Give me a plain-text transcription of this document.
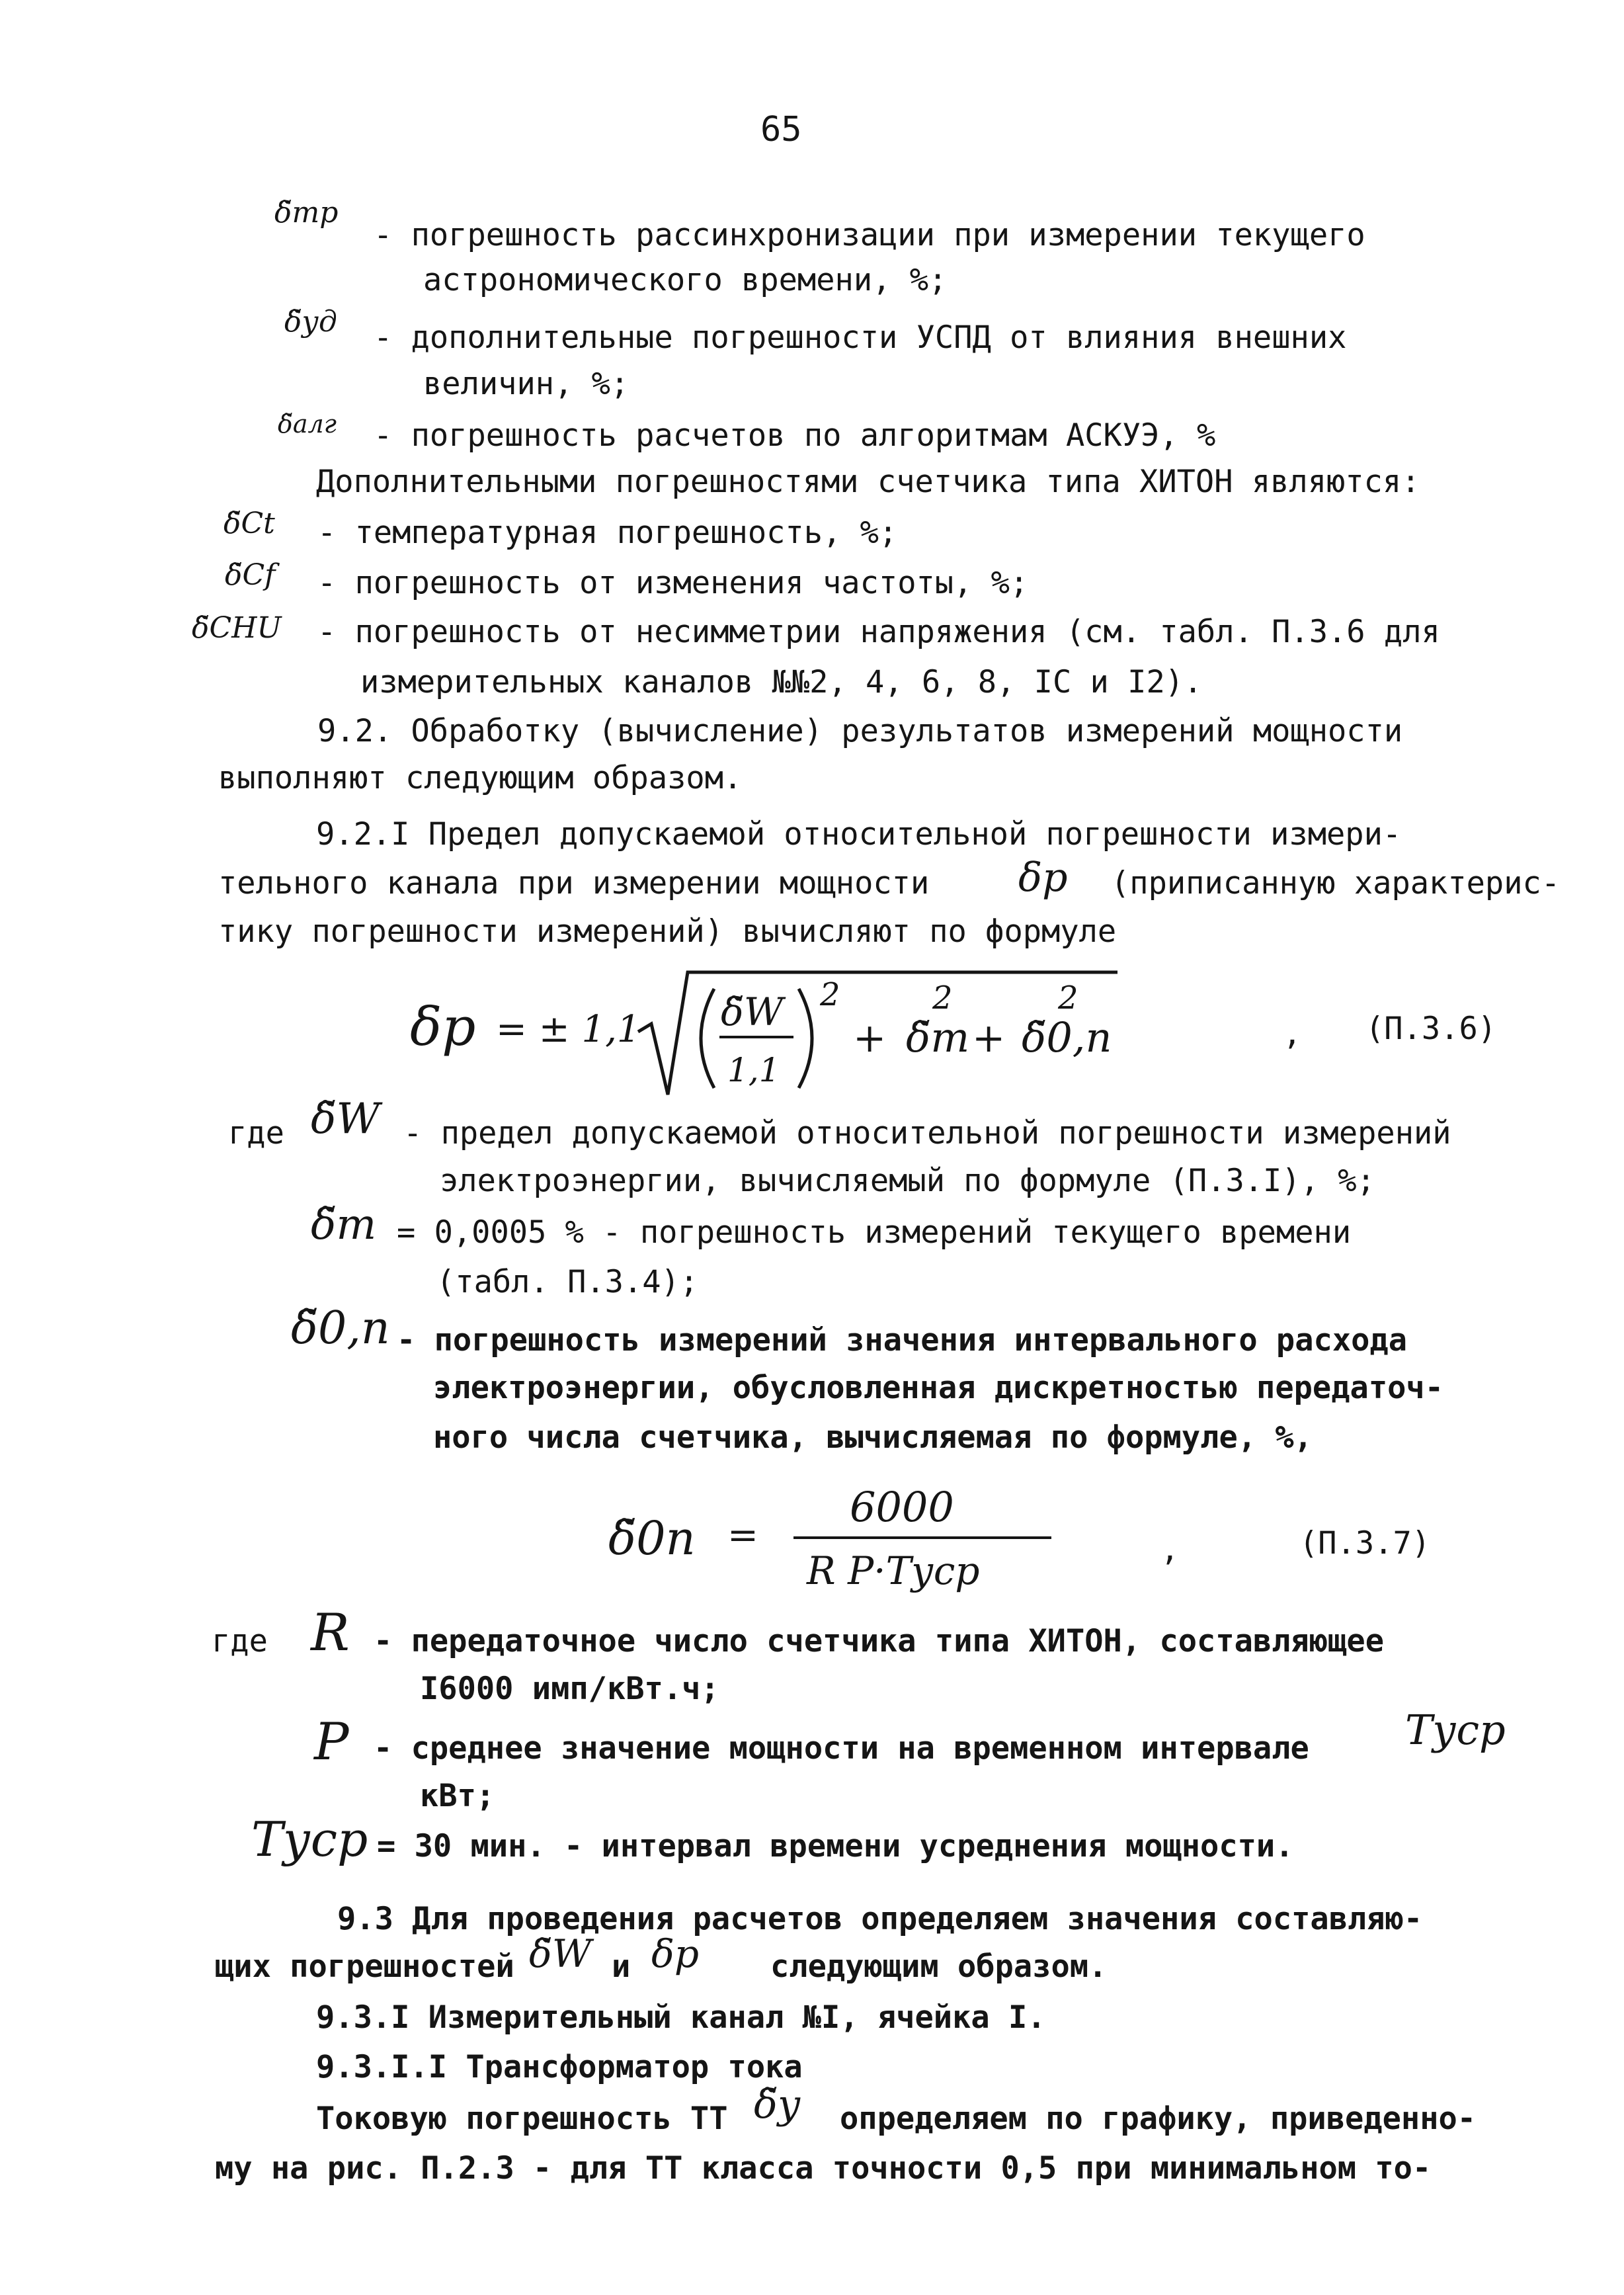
65
δ̃тр
- погрешность рассинхронизации при измерении текущего
астрономического времени, %;
δ̃уд - дополнительные погрешности УСПД от влияния внешних
величин, %;
δ̃алг - погрешность расчетов по алгоритмам АСКУЭ, %
Дополнительными погрешностями счетчика типа ХИТОН являются:
δ̃Ct - температурная погрешность, %;
δ̃Cf - погрешность от изменения частоты, %;
δ̃CHU - погрешность от несимметрии напряжения (см. табл. П.3.6 для
измерительных каналов №№2, 4, 6, 8, IC и I2).
9.2. Обработку (вычисление) результатов измерений мощности
выполняют следующим образом.
9.2.I Предел допускаемой относительной погрешности измери-
тельного канала при измерении мощности δр (приписанную характерис-
тику погрешности измерений) вычисляют по формуле
δр = ± 1,1 δ̃W
1,1
2
+ δ̃т
2
+ δ̃0,п
2
, (П.3.6)
где δ̃W - предел допускаемой относительной погрешности измерений
электроэнергии, вычисляемый по формуле (П.3.I), %;
δ̃т = 0,0005 % - погрешность измерений текущего времени
(табл. П.3.4);
δ̃0,п - погрешность измерений значения интервального расхода
электроэнергии, обусловленная дискретностью передаточ-
ного числа счетчика, вычисляемая по формуле, %,
δ̃0п =
6000
R P·Tуср	,	(П.3.7)
где R - передаточное число счетчика типа ХИТОН, составляющее
I6000 имп/кВт.ч;
P - среднее значение мощности на временном интервале Tуср
кВт;
Tуср = 30 мин. - интервал времени усреднения мощности.
9.3 Для проведения расчетов определяем значения составляю-
щих погрешностей δ̃W и δр следующим образом.
9.3.I Измерительный канал №I, ячейка I.
9.3.I.I Трансформатор тока
Токовую погрешность ТТ δ̃у определяем по графику, приведенно-
му на рис. П.2.3 - для ТТ класса точности 0,5 при минимальном то-
